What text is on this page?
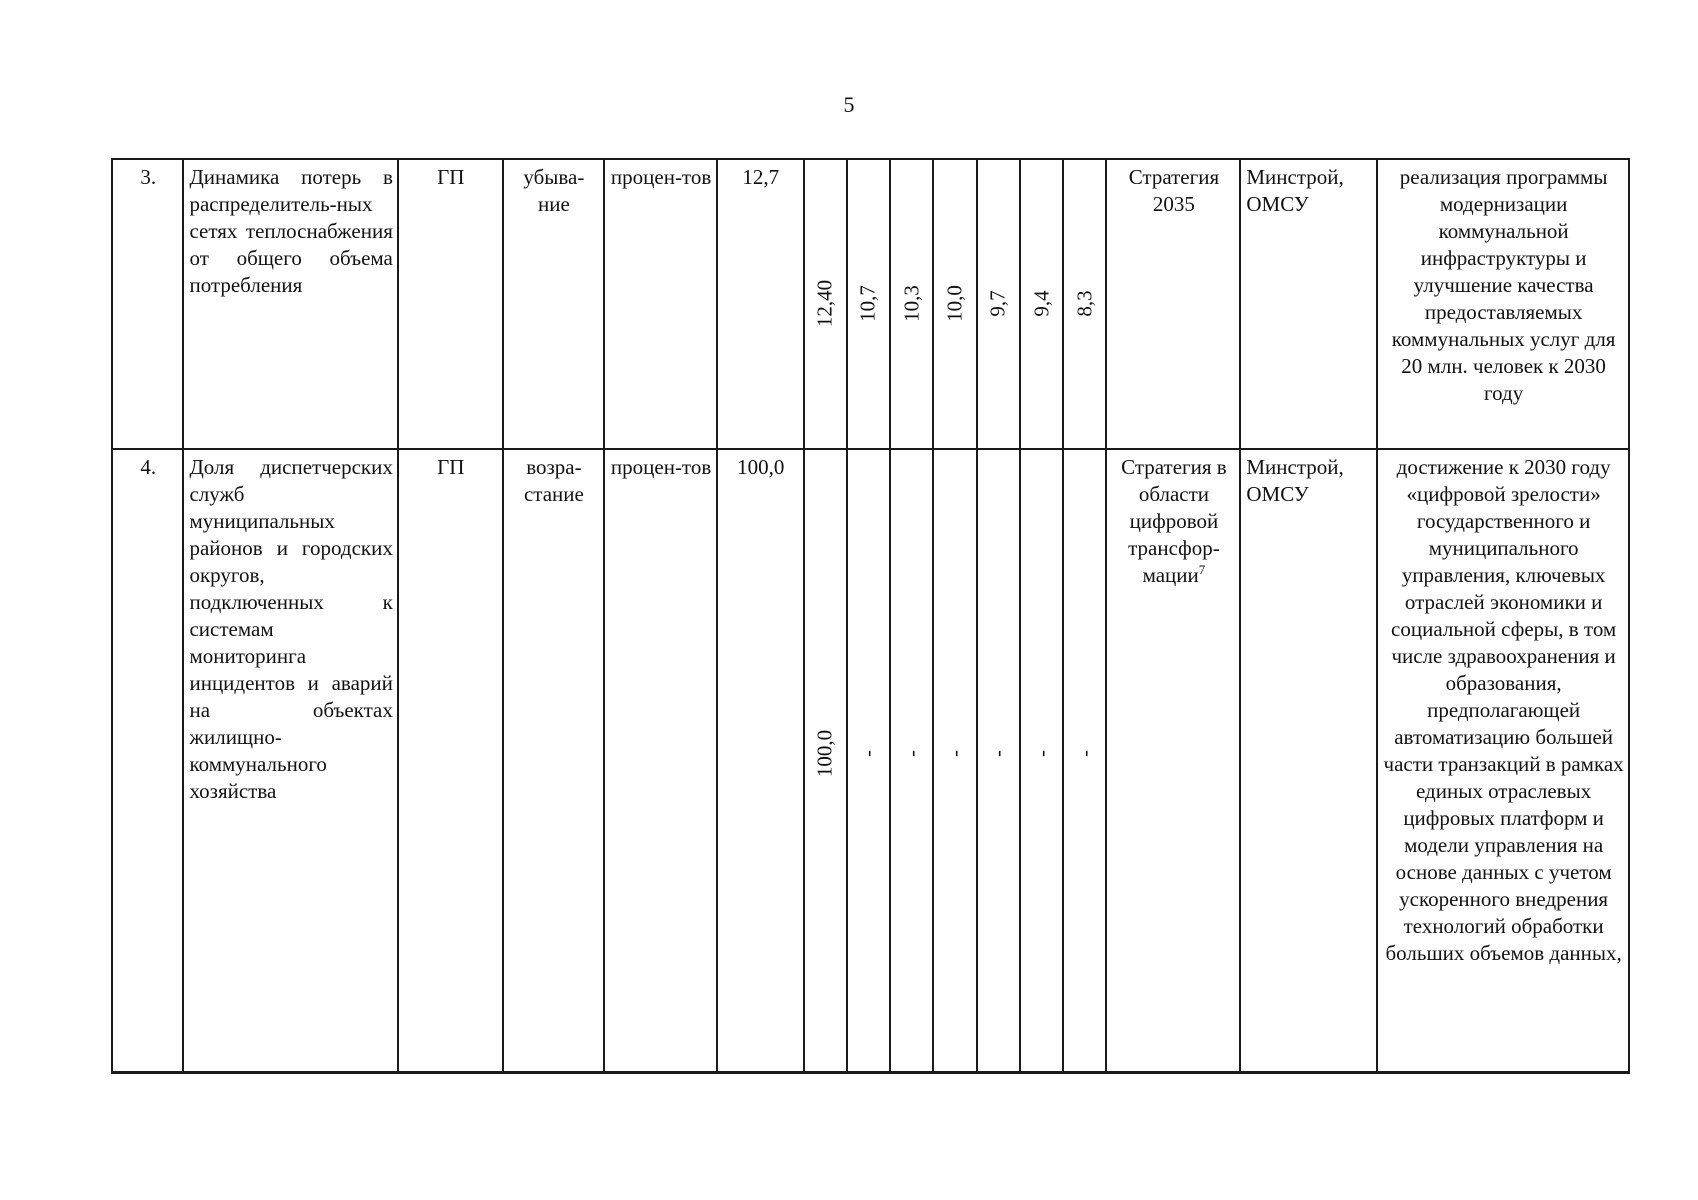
5
3.	Динамика потерь в распределитель-ных сетях теплоснабжения от общего объема потребления	ГП	убыва-ние	процен-тов	12,7	12,40	10,7	10,3	10,0	9,7	9,4	8,3	Стратегия 2035	Минстрой, ОМСУ	реализация программы модернизации коммунальной инфраструктуры и улучшение качества предоставляемых коммунальных услуг для 20 млн. человек к 2030 году
4.	Доля диспетчерских служб муниципальных районов и городских округов, подключенных к системам мониторинга инцидентов и аварий на объектах жилищно-коммунального хозяйства	ГП	возра-стание	процен-тов	100,0	100,0	-	-	-	-	-	-	Стратегия в области цифровой трансфор-мации$^7$	Минстрой, ОМСУ	достижение к 2030 году «цифровой зрелости» государственного и муниципального управления, ключевых отраслей экономики и социальной сферы, в том числе здравоохранения и образования, предполагающей автоматизацию большей части транзакций в рамках единых отраслевых цифровых платформ и модели управления на основе данных с учетом ускоренного внедрения технологий обработки больших объемов данных,
